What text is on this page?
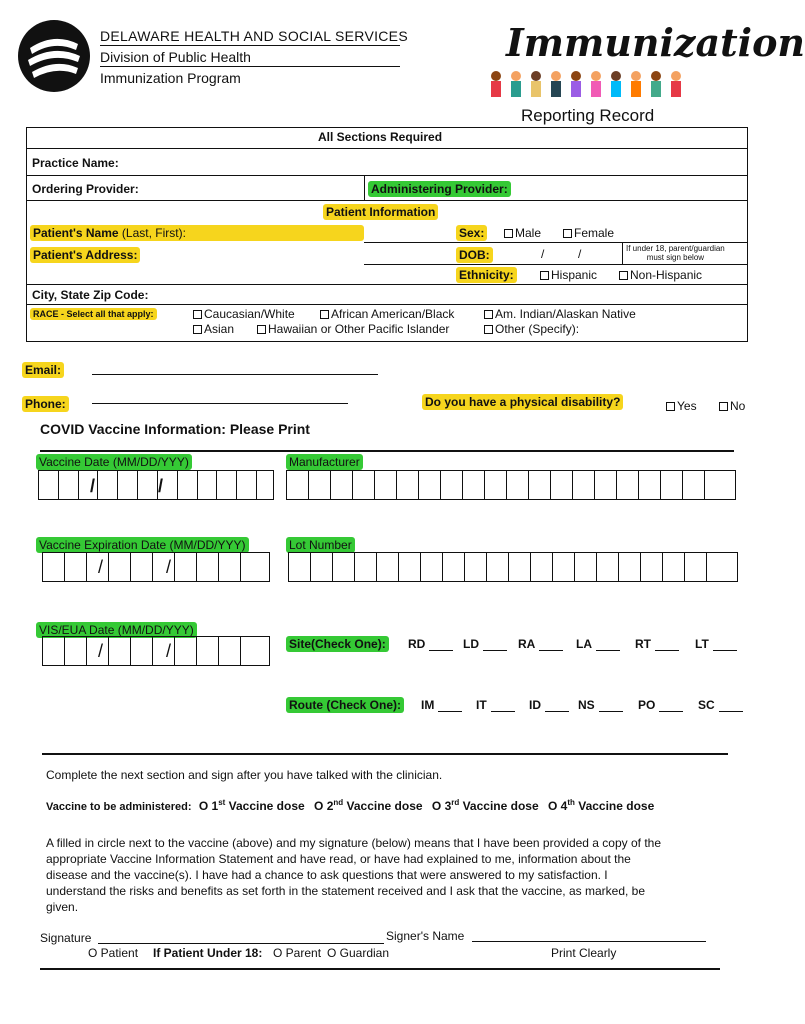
DELAWARE HEALTH AND SOCIAL SERVICES
Division of Public Health
Immunization Program
Immunization
Reporting Record
All Sections Required
Practice Name:
Ordering Provider:	Administering Provider:
Patient Information
Patient's Name (Last, First):	Sex:	Male	Female
Patient's Address:	DOB:	/	/	If under 18, parent/guardian
must sign below
Ethnicity:	Hispanic	Non-Hispanic
City, State Zip Code:
RACE - Select all that apply:	Caucasian/White	African American/Black	Am. Indian/Alaskan Native
Asian	Hawaiian or Other Pacific Islander	Other (Specify):
Email:
Phone:	Do you have a physical disability?	Yes	No
COVID Vaccine Information: Please Print
Vaccine Date (MM/DD/YYY)
/	/
Manufacturer
Vaccine Expiration Date (MM/DD/YYY)
/	/
Lot Number
VIS/EUA Date (MM/DD/YYY)
/	/	Site(Check One): RD	LD	RA	LA	RT	LT
Route (Check One): IM	IT	ID	NS	PO	SC
Complete the next section and sign after you have talked with the clinician.
Vaccine to be administered: O 1st Vaccine dose O 2nd Vaccine dose O 3rd Vaccine dose O 4th Vaccine dose
A filled in circle next to the vaccine (above) and my signature (below) means that I have been provided a copy of the
appropriate Vaccine Information Statement and have read, or have had explained to me, information about the
disease and the vaccine(s). I have had a chance to ask questions that were answered to my satisfaction. I
understand the risks and benefits as set forth in the statement received and I ask that the vaccine, as marked, be
given.
Signature	Signer's Name
O Patient If Patient Under 18: O Parent O Guardian	Print Clearly
